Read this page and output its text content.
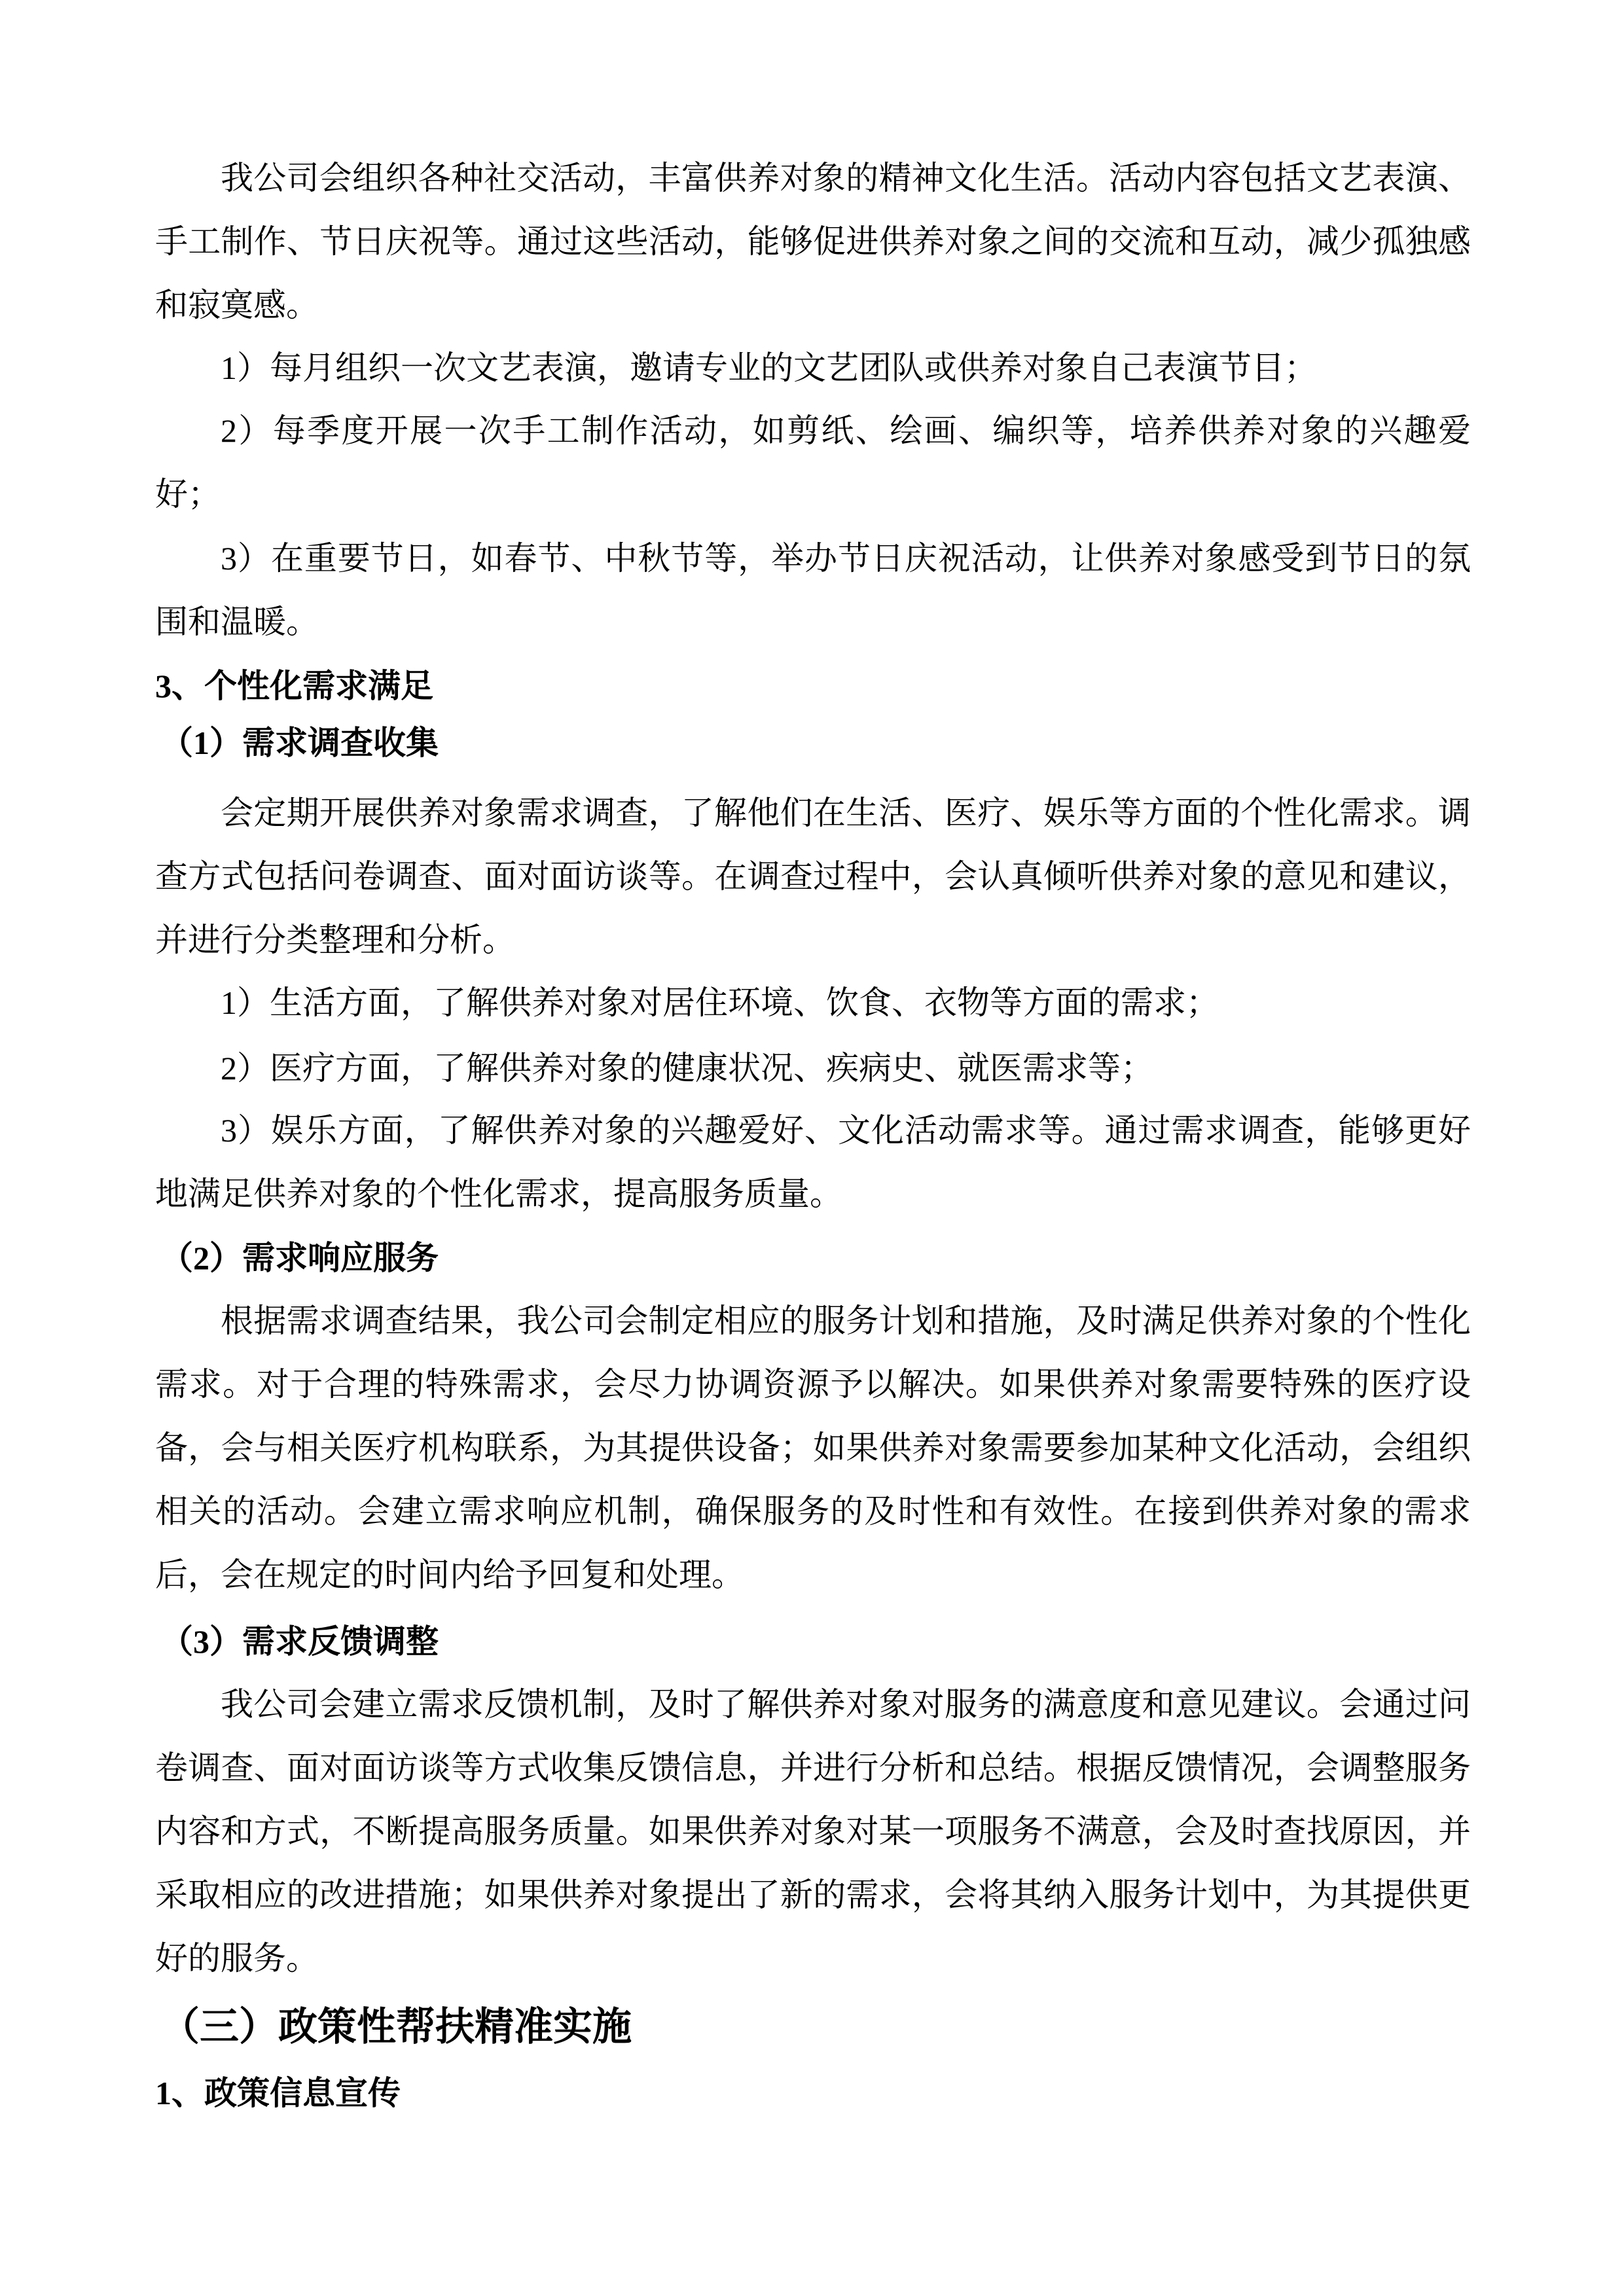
我公司会组织各种社交活动，丰富供养对象的精神文化生活。活动内容包括文艺表演、手工制作、节日庆祝等。通过这些活动，能够促进供养对象之间的交流和互动，减少孤独感和寂寞感。

1）每月组织一次文艺表演，邀请专业的文艺团队或供养对象自己表演节目；

2）每季度开展一次手工制作活动，如剪纸、绘画、编织等，培养供养对象的兴趣爱好；

3）在重要节日，如春节、中秋节等，举办节日庆祝活动，让供养对象感受到节日的氛围和温暖。

3、个性化需求满足
（1）需求调查收集

会定期开展供养对象需求调查，了解他们在生活、医疗、娱乐等方面的个性化需求。调查方式包括问卷调查、面对面访谈等。在调查过程中，会认真倾听供养对象的意见和建议，并进行分类整理和分析。

1）生活方面，了解供养对象对居住环境、饮食、衣物等方面的需求；

2）医疗方面，了解供养对象的健康状况、疾病史、就医需求等；

3）娱乐方面，了解供养对象的兴趣爱好、文化活动需求等。通过需求调查，能够更好地满足供养对象的个性化需求，提高服务质量。

（2）需求响应服务

根据需求调查结果，我公司会制定相应的服务计划和措施，及时满足供养对象的个性化需求。对于合理的特殊需求，会尽力协调资源予以解决。如果供养对象需要特殊的医疗设备，会与相关医疗机构联系，为其提供设备；如果供养对象需要参加某种文化活动，会组织相关的活动。会建立需求响应机制，确保服务的及时性和有效性。在接到供养对象的需求后，会在规定的时间内给予回复和处理。

（3）需求反馈调整

我公司会建立需求反馈机制，及时了解供养对象对服务的满意度和意见建议。会通过问卷调查、面对面访谈等方式收集反馈信息，并进行分析和总结。根据反馈情况，会调整服务内容和方式，不断提高服务质量。如果供养对象对某一项服务不满意，会及时查找原因，并采取相应的改进措施；如果供养对象提出了新的需求，会将其纳入服务计划中，为其提供更好的服务。

（三）政策性帮扶精准实施
1、政策信息宣传
